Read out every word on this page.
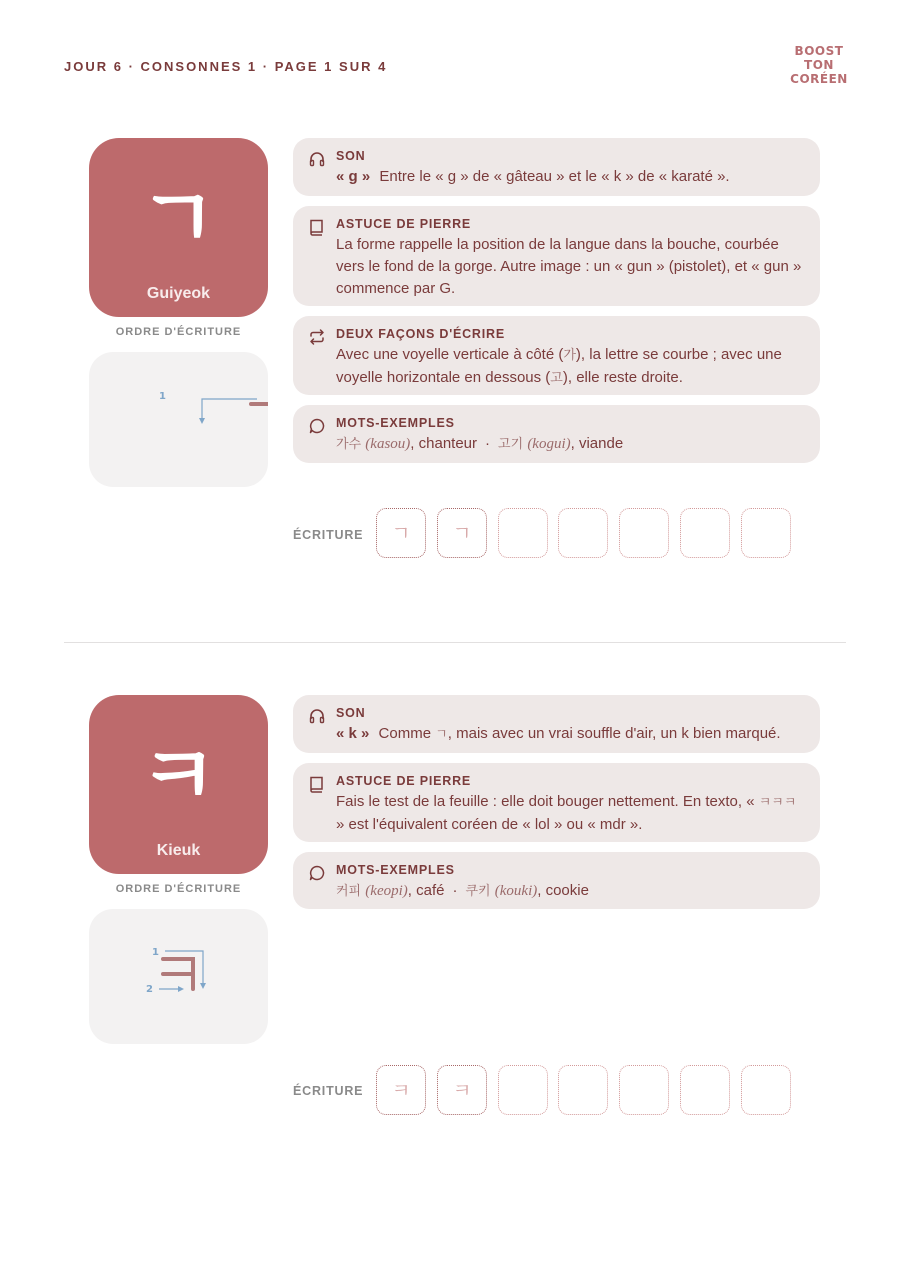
JOUR 6 · CONSONNES 1 · PAGE 1 SUR 4
BOOST
TON
CORÉEN
ㄱ
Guiyeok
ORDRE D'ÉCRITURE
1
SON
« g » Entre le « g » de « gâteau » et le « k » de « karaté ».
ASTUCE DE PIERRE
La forme rappelle la position de la langue dans la bouche, courbée vers le fond de la gorge. Autre image : un « gun » (pistolet), et « gun » commence par G.
DEUX FAÇONS D'ÉCRIRE
Avec une voyelle verticale à côté (가), la lettre se courbe ; avec une voyelle horizontale en dessous (고), elle reste droite.
MOTS-EXEMPLES
가수 (kasou), chanteur · 고기 (kogui), viande
ÉCRITURE	ㄱ	ㄱ
ㅋ
Kieuk
ORDRE D'ÉCRITURE
1
2
SON
« k » Comme ㄱ, mais avec un vrai souffle d'air, un k bien marqué.
ASTUCE DE PIERRE
Fais le test de la feuille : elle doit bouger nettement. En texto, « ㅋㅋㅋ » est l'équivalent coréen de « lol » ou « mdr ».
MOTS-EXEMPLES
커피 (keopi), café · 쿠키 (kouki), cookie
ÉCRITURE	ㅋ	ㅋ
